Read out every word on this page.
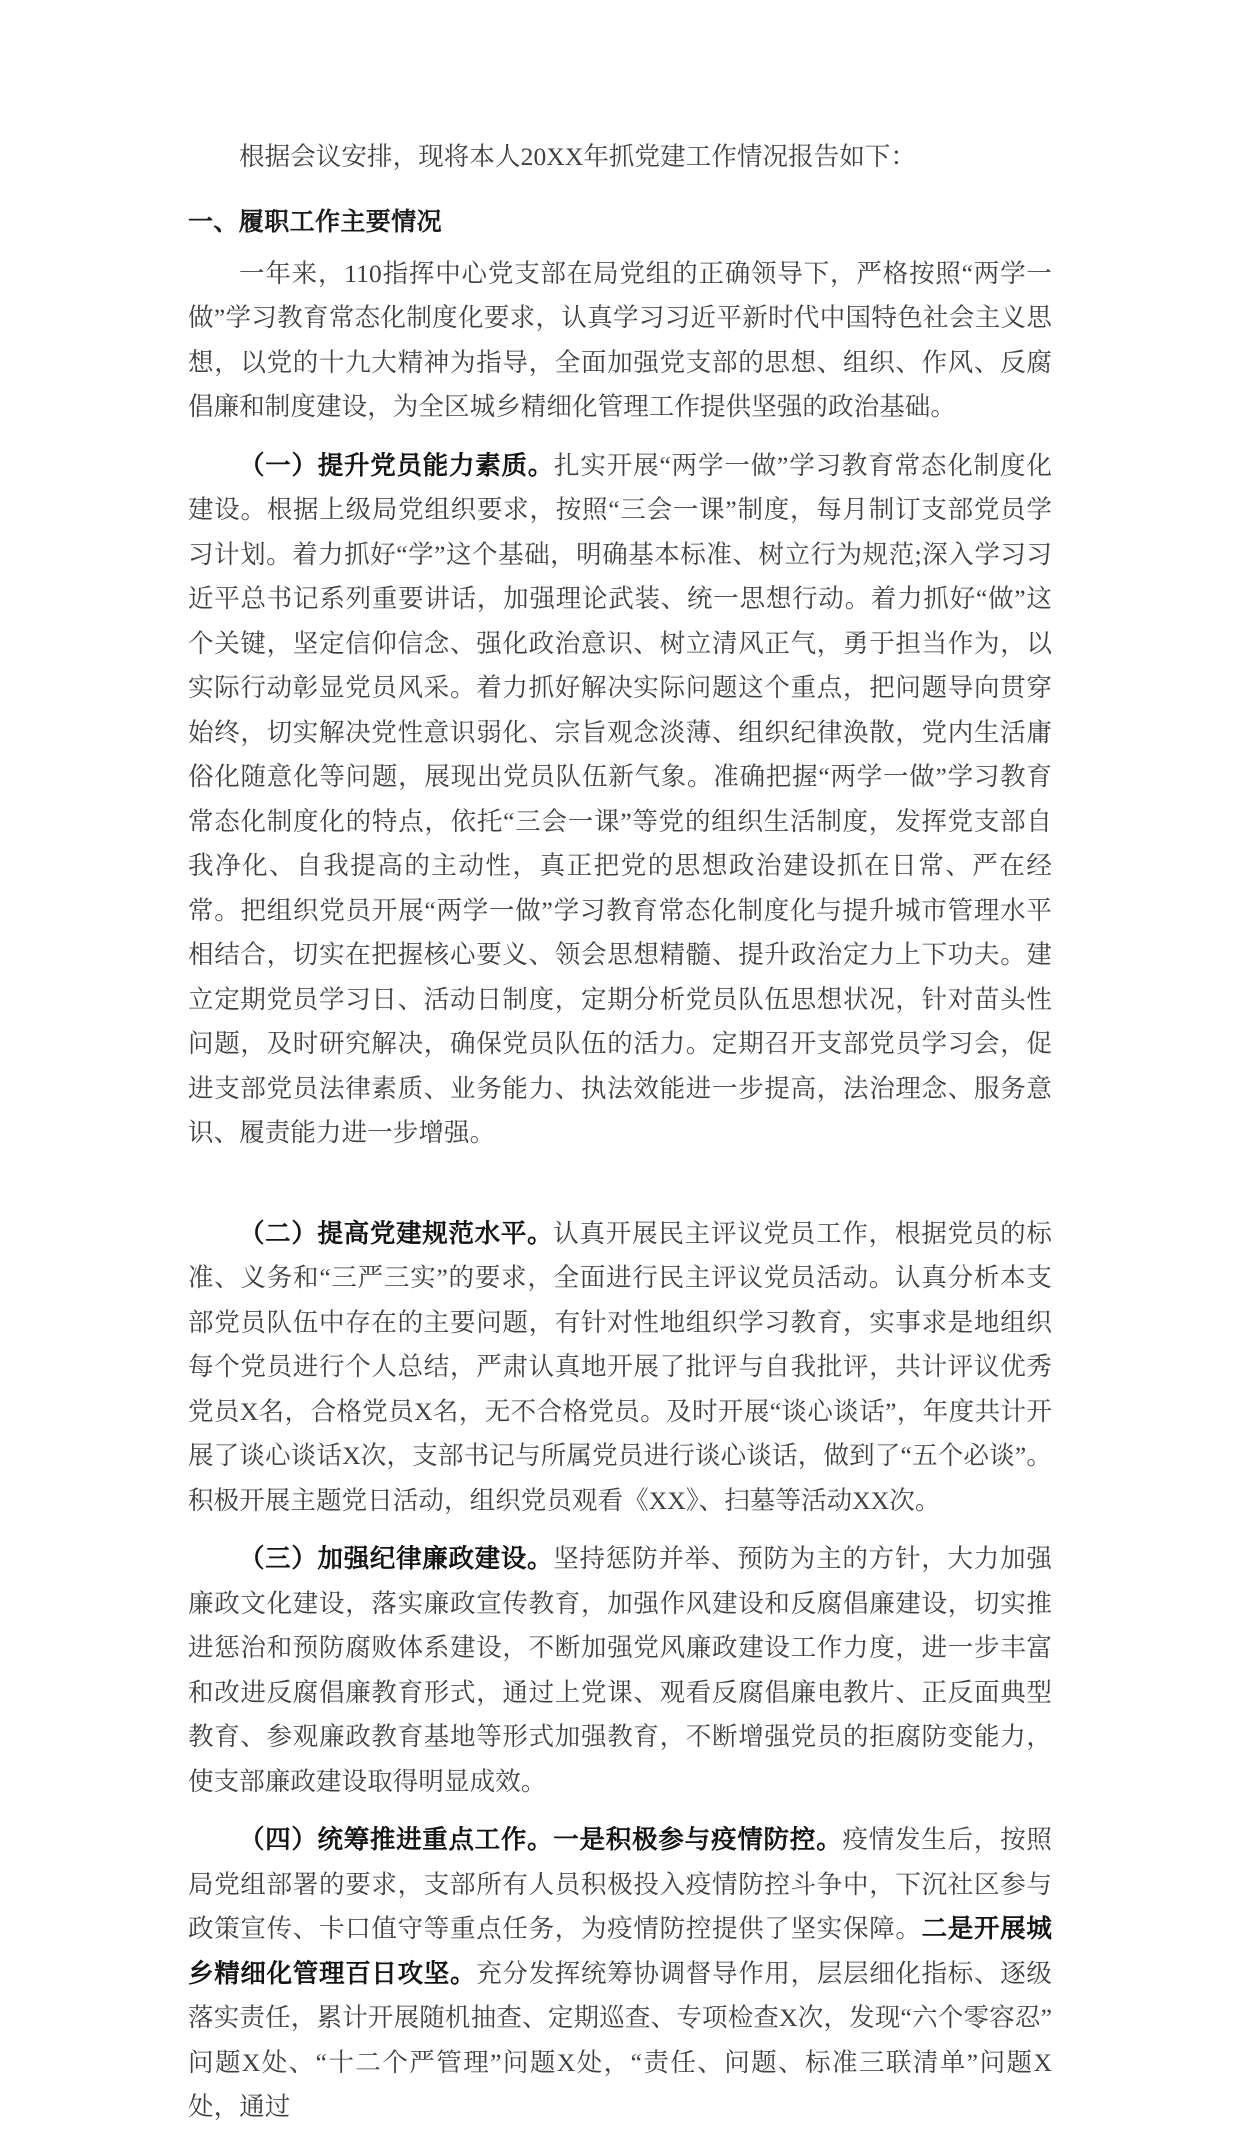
根据会议安排，现将本人20XX年抓党建工作情况报告如下：

一、履职工作主要情况

一年来，110指挥中心党支部在局党组的正确领导下，严格按照“两学一做”学习教育常态化制度化要求，认真学习习近平新时代中国特色社会主义思想，以党的十九大精神为指导，全面加强党支部的思想、组织、作风、反腐倡廉和制度建设，为全区城乡精细化管理工作提供坚强的政治基础。

（一）提升党员能力素质。扎实开展“两学一做”学习教育常态化制度化建设。根据上级局党组织要求，按照“三会一课”制度，每月制订支部党员学习计划。着力抓好“学”这个基础，明确基本标准、树立行为规范;深入学习习近平总书记系列重要讲话，加强理论武装、统一思想行动。着力抓好“做”这个关键，坚定信仰信念、强化政治意识、树立清风正气，勇于担当作为，以实际行动彰显党员风采。着力抓好解决实际问题这个重点，把问题导向贯穿始终，切实解决党性意识弱化、宗旨观念淡薄、组织纪律涣散，党内生活庸俗化随意化等问题，展现出党员队伍新气象。准确把握“两学一做”学习教育常态化制度化的特点，依托“三会一课”等党的组织生活制度，发挥党支部自我净化、自我提高的主动性，真正把党的思想政治建设抓在日常、严在经常。把组织党员开展“两学一做”学习教育常态化制度化与提升城市管理水平相结合，切实在把握核心要义、领会思想精髓、提升政治定力上下功夫。建立定期党员学习日、活动日制度，定期分析党员队伍思想状况，针对苗头性问题，及时研究解决，确保党员队伍的活力。定期召开支部党员学习会，促进支部党员法律素质、业务能力、执法效能进一步提高，法治理念、服务意识、履责能力进一步增强。

（二）提高党建规范水平。认真开展民主评议党员工作，根据党员的标准、义务和“三严三实”的要求，全面进行民主评议党员活动。认真分析本支部党员队伍中存在的主要问题，有针对性地组织学习教育，实事求是地组织每个党员进行个人总结，严肃认真地开展了批评与自我批评，共计评议优秀党员X名，合格党员X名，无不合格党员。及时开展“谈心谈话”，年度共计开展了谈心谈话X次，支部书记与所属党员进行谈心谈话，做到了“五个必谈”。积极开展主题党日活动，组织党员观看《XX》、扫墓等活动XX次。

（三）加强纪律廉政建设。坚持惩防并举、预防为主的方针，大力加强廉政文化建设，落实廉政宣传教育，加强作风建设和反腐倡廉建设，切实推进惩治和预防腐败体系建设，不断加强党风廉政建设工作力度，进一步丰富和改进反腐倡廉教育形式，通过上党课、观看反腐倡廉电教片、正反面典型教育、参观廉政教育基地等形式加强教育，不断增强党员的拒腐防变能力，使支部廉政建设取得明显成效。

（四）统筹推进重点工作。一是积极参与疫情防控。疫情发生后，按照局党组部署的要求，支部所有人员积极投入疫情防控斗争中，下沉社区参与政策宣传、卡口值守等重点任务，为疫情防控提供了坚实保障。二是开展城乡精细化管理百日攻坚。充分发挥统筹协调督导作用，层层细化指标、逐级落实责任，累计开展随机抽查、定期巡查、专项检查X次，发现“六个零容忍”问题X处、“十二个严管理”问题X处，“责任、问题、标准三联清单”问题X处，通过
